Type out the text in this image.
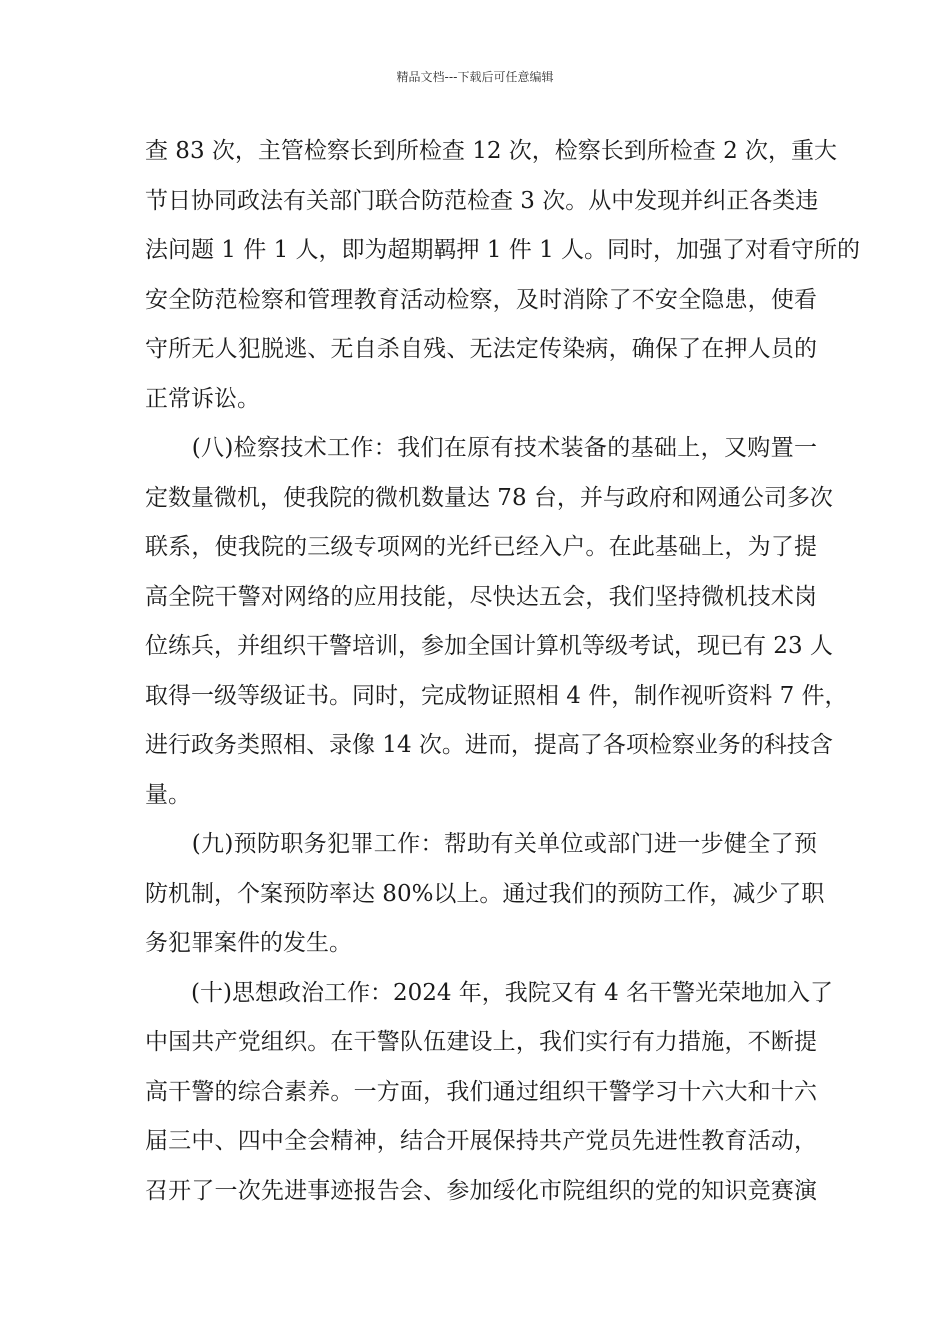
精品文档---下载后可任意编辑
查 83 次，主管检察长到所检查 12 次，检察长到所检查 2 次，重大
节日协同政法有关部门联合防范检查 3 次。从中发现并纠正各类违
法问题 1 件 1 人，即为超期羁押 1 件 1 人。同时，加强了对看守所的
安全防范检察和管理教育活动检察，及时消除了不安全隐患，使看
守所无人犯脱逃、无自杀自残、无法定传染病，确保了在押人员的
正常诉讼。
　　(八)检察技术工作：我们在原有技术装备的基础上，又购置一
定数量微机，使我院的微机数量达 78 台，并与政府和网通公司多次
联系，使我院的三级专项网的光纤已经入户。在此基础上，为了提
高全院干警对网络的应用技能，尽快达五会，我们坚持微机技术岗
位练兵，并组织干警培训，参加全国计算机等级考试，现已有 23 人
取得一级等级证书。同时，完成物证照相 4 件，制作视听资料 7 件，
进行政务类照相、录像 14 次。进而，提高了各项检察业务的科技含
量。
　　(九)预防职务犯罪工作：帮助有关单位或部门进一步健全了预
防机制，个案预防率达 80%以上。通过我们的预防工作，减少了职
务犯罪案件的发生。
　　(十)思想政治工作：2024 年，我院又有 4 名干警光荣地加入了
中国共产党组织。在干警队伍建设上，我们实行有力措施，不断提
高干警的综合素养。一方面，我们通过组织干警学习十六大和十六
届三中、四中全会精神，结合开展保持共产党员先进性教育活动，
召开了一次先进事迹报告会、参加绥化市院组织的党的知识竞赛演
